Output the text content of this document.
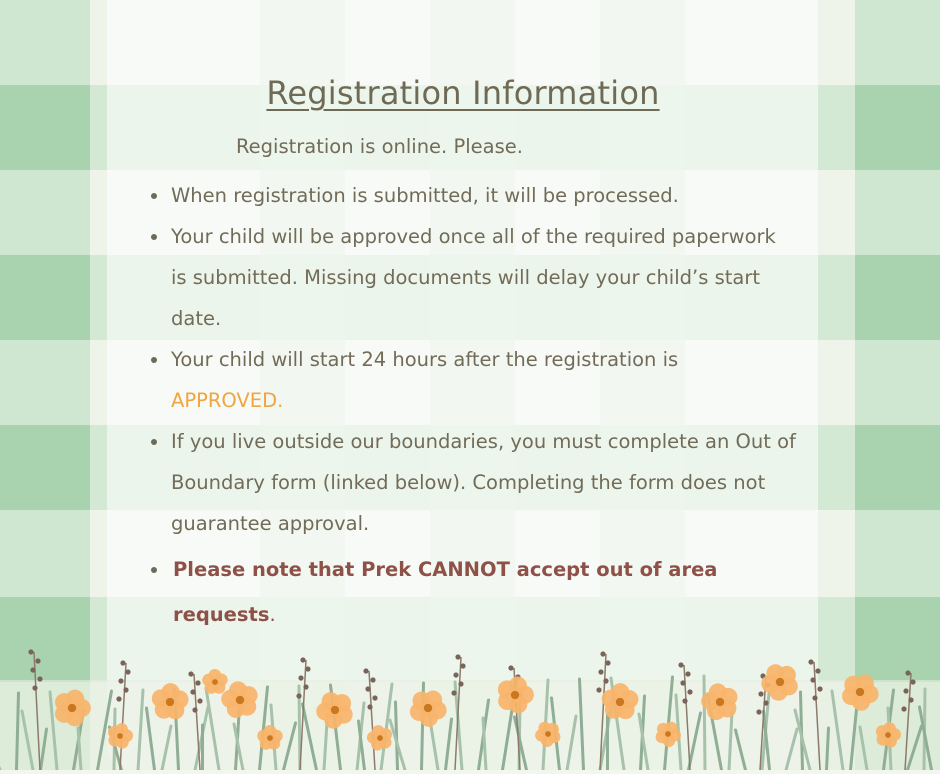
Registration Information
Registration is online. Please.
When registration is submitted, it will be processed.
Your child will be approved once all of the required paperwork is submitted. Missing documents will delay your child’s start date.
Your child will start 24 hours after the registration is
APPROVED.
If you live outside our boundaries, you must complete an Out of Boundary form (linked below). Completing the form does not guarantee approval.
Please note that Prek CANNOT accept out of area requests.
